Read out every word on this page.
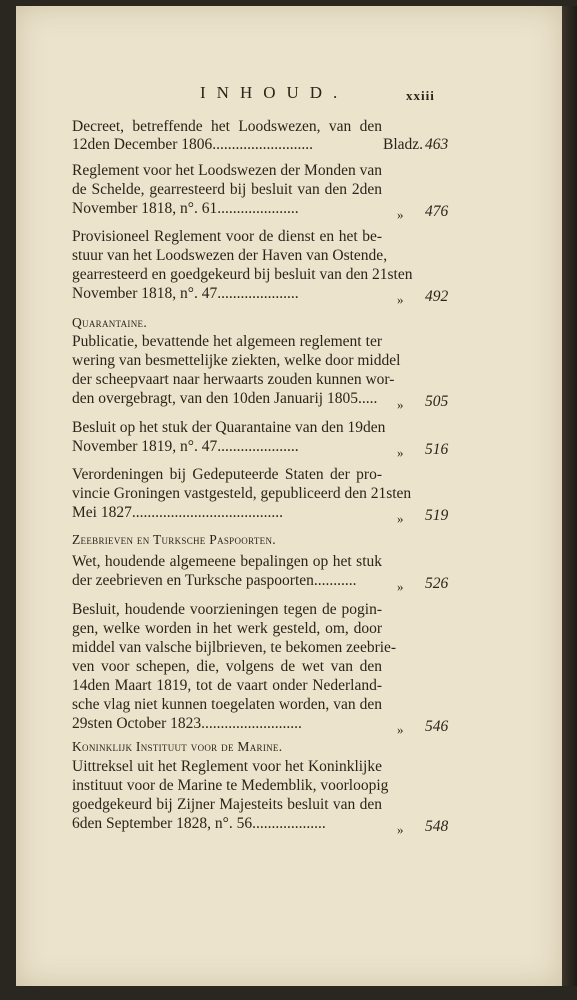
INHOUD.	xxiii
Decreet, betreffende het Loodswezen, van den
12den December 1806..........................	Bladz. 463
Reglement voor het Loodswezen der Monden van
de Schelde, gearresteerd bij besluit van den 2den
November 1818, n°. 61.....................	» 476
Provisioneel Reglement voor de dienst en het be-
stuur van het Loodswezen der Haven van Ostende,
gearresteerd en goedgekeurd bij besluit van den 21sten
November 1818, n°. 47.....................	» 492
Quarantaine.
Publicatie, bevattende het algemeen reglement ter
wering van besmettelijke ziekten, welke door middel
der scheepvaart naar herwaarts zouden kunnen wor-
den overgebragt, van den 10den Januarij 1805..... » 505
Besluit op het stuk der Quarantaine van den 19den
November 1819, n°. 47.....................	» 516
Verordeningen bij Gedeputeerde Staten der pro-
vincie Groningen vastgesteld, gepubliceerd den 21sten
Mei 1827.......................................	» 519
Zeebrieven en Turksche Paspoorten.
Wet, houdende algemeene bepalingen op het stuk
der zeebrieven en Turksche paspoorten...........	» 526
Besluit, houdende voorzieningen tegen de pogin-
gen, welke worden in het werk gesteld, om, door
middel van valsche bijlbrieven, te bekomen zeebrie-
ven voor schepen, die, volgens de wet van den
14den Maart 1819, tot de vaart onder Nederland-
sche vlag niet kunnen toegelaten worden, van den
29sten October 1823..........................	» 546
Koninklijk Instituut voor de Marine.
Uittreksel uit het Reglement voor het Koninklijke
instituut voor de Marine te Medemblik, voorloopig
goedgekeurd bij Zijner Majesteits besluit van den
6den September 1828, n°. 56...................	» 548
